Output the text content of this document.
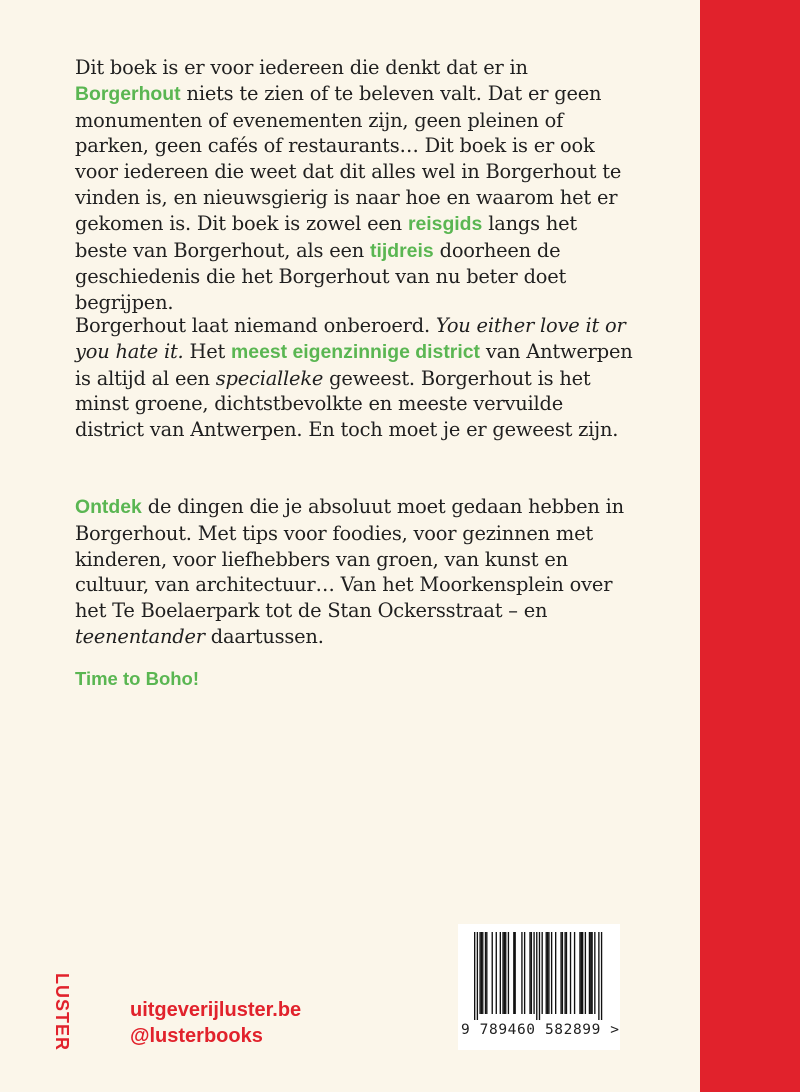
Dit boek is er voor iedereen die denkt dat er in
Borgerhout niets te zien of te beleven valt. Dat er geen monumenten of evenementen zijn, geen pleinen of parken, geen cafés of restaurants… Dit boek is er ook voor iedereen die weet dat dit alles wel in Borgerhout te vinden is, en nieuwsgierig is naar hoe en waarom het er gekomen is. Dit boek is zowel een reisgids langs het beste van Borgerhout, als een tijdreis doorheen de geschiedenis die het Borgerhout van nu beter doet begrijpen.

Borgerhout laat niemand onberoerd. You either love it or you hate it. Het meest eigenzinnige district van Antwerpen is altijd al een specialleke geweest. Borgerhout is het minst groene, dichtstbevolkte en meeste vervuilde district van Antwerpen. En toch moet je er geweest zijn.

Ontdek de dingen die je absoluut moet gedaan hebben in Borgerhout. Met tips voor foodies, voor gezinnen met kinderen, voor liefhebbers van groen, van kunst en cultuur, van architectuur… Van het Moorkensplein over het Te Boelaerpark tot de Stan Ockersstraat – en teenentander daartussen.

Time to Boho!

LUSTER	uitgeverijluster.be
@lusterbooks	9 789460 582899 >
